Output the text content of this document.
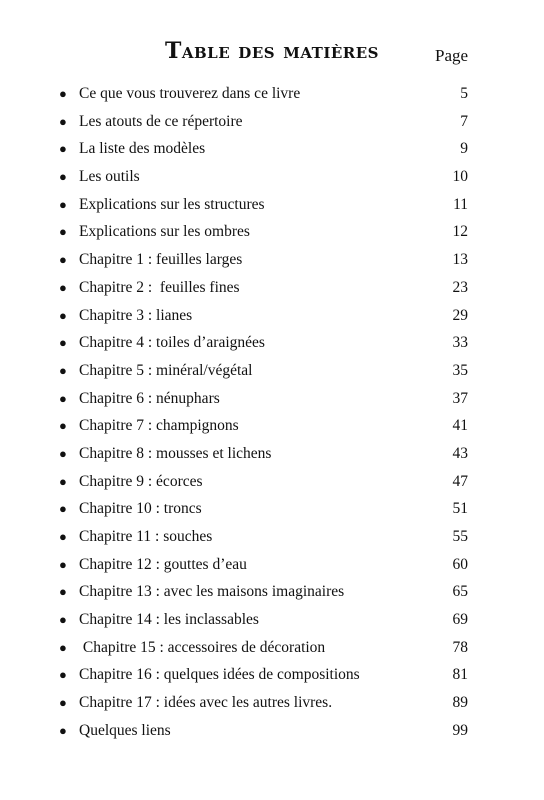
Table des matières	Page
● Ce que vous trouverez dans ce livre	5
● Les atouts de ce répertoire	7
● La liste des modèles	9
● Les outils	10
● Explications sur les structures	11
● Explications sur les ombres	12
● Chapitre 1 : feuilles larges	13
● Chapitre 2 :  feuilles fines	23
● Chapitre 3 : lianes	29
● Chapitre 4 : toiles d’araignées	33
● Chapitre 5 : minéral/végétal	35
● Chapitre 6 : nénuphars	37
● Chapitre 7 : champignons	41
● Chapitre 8 : mousses et lichens	43
● Chapitre 9 : écorces	47
● Chapitre 10 : troncs	51
● Chapitre 11 : souches	55
● Chapitre 12 : gouttes d’eau	60
● Chapitre 13 : avec les maisons imaginaires	65
● Chapitre 14 : les inclassables	69
● Chapitre 15 : accessoires de décoration	78
● Chapitre 16 : quelques idées de compositions	81
● Chapitre 17 : idées avec les autres livres.	89
● Quelques liens	99
